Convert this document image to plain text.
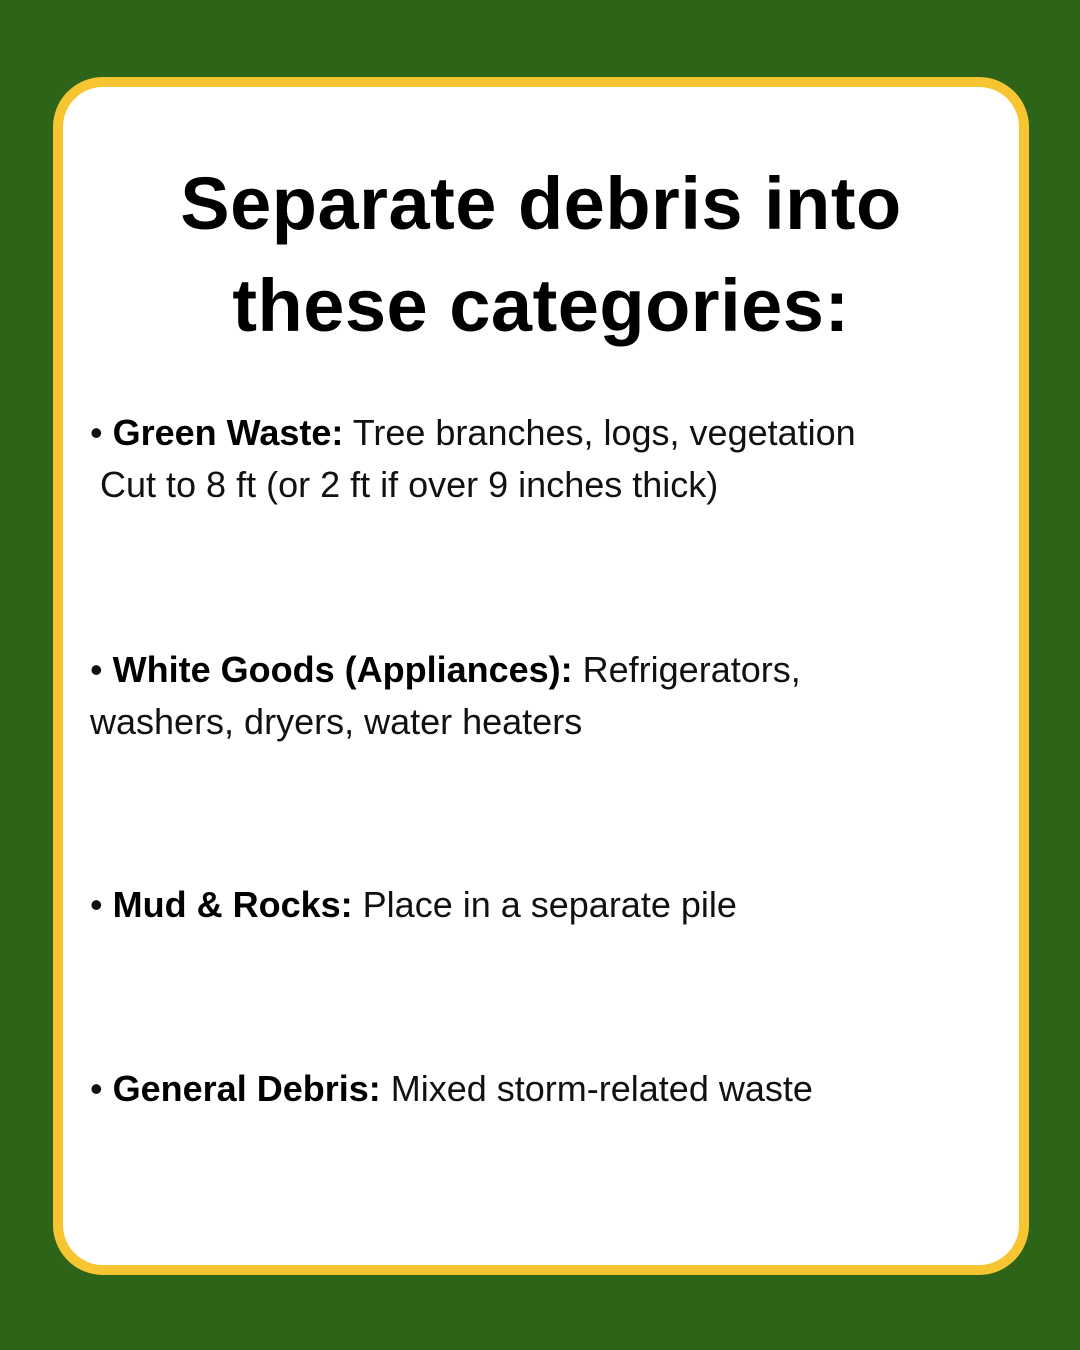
Separate debris into
these categories:

• Green Waste: Tree branches, logs, vegetation
Cut to 8 ft (or 2 ft if over 9 inches thick)

• White Goods (Appliances): Refrigerators,
washers, dryers, water heaters

• Mud & Rocks: Place in a separate pile

• General Debris: Mixed storm-related waste
